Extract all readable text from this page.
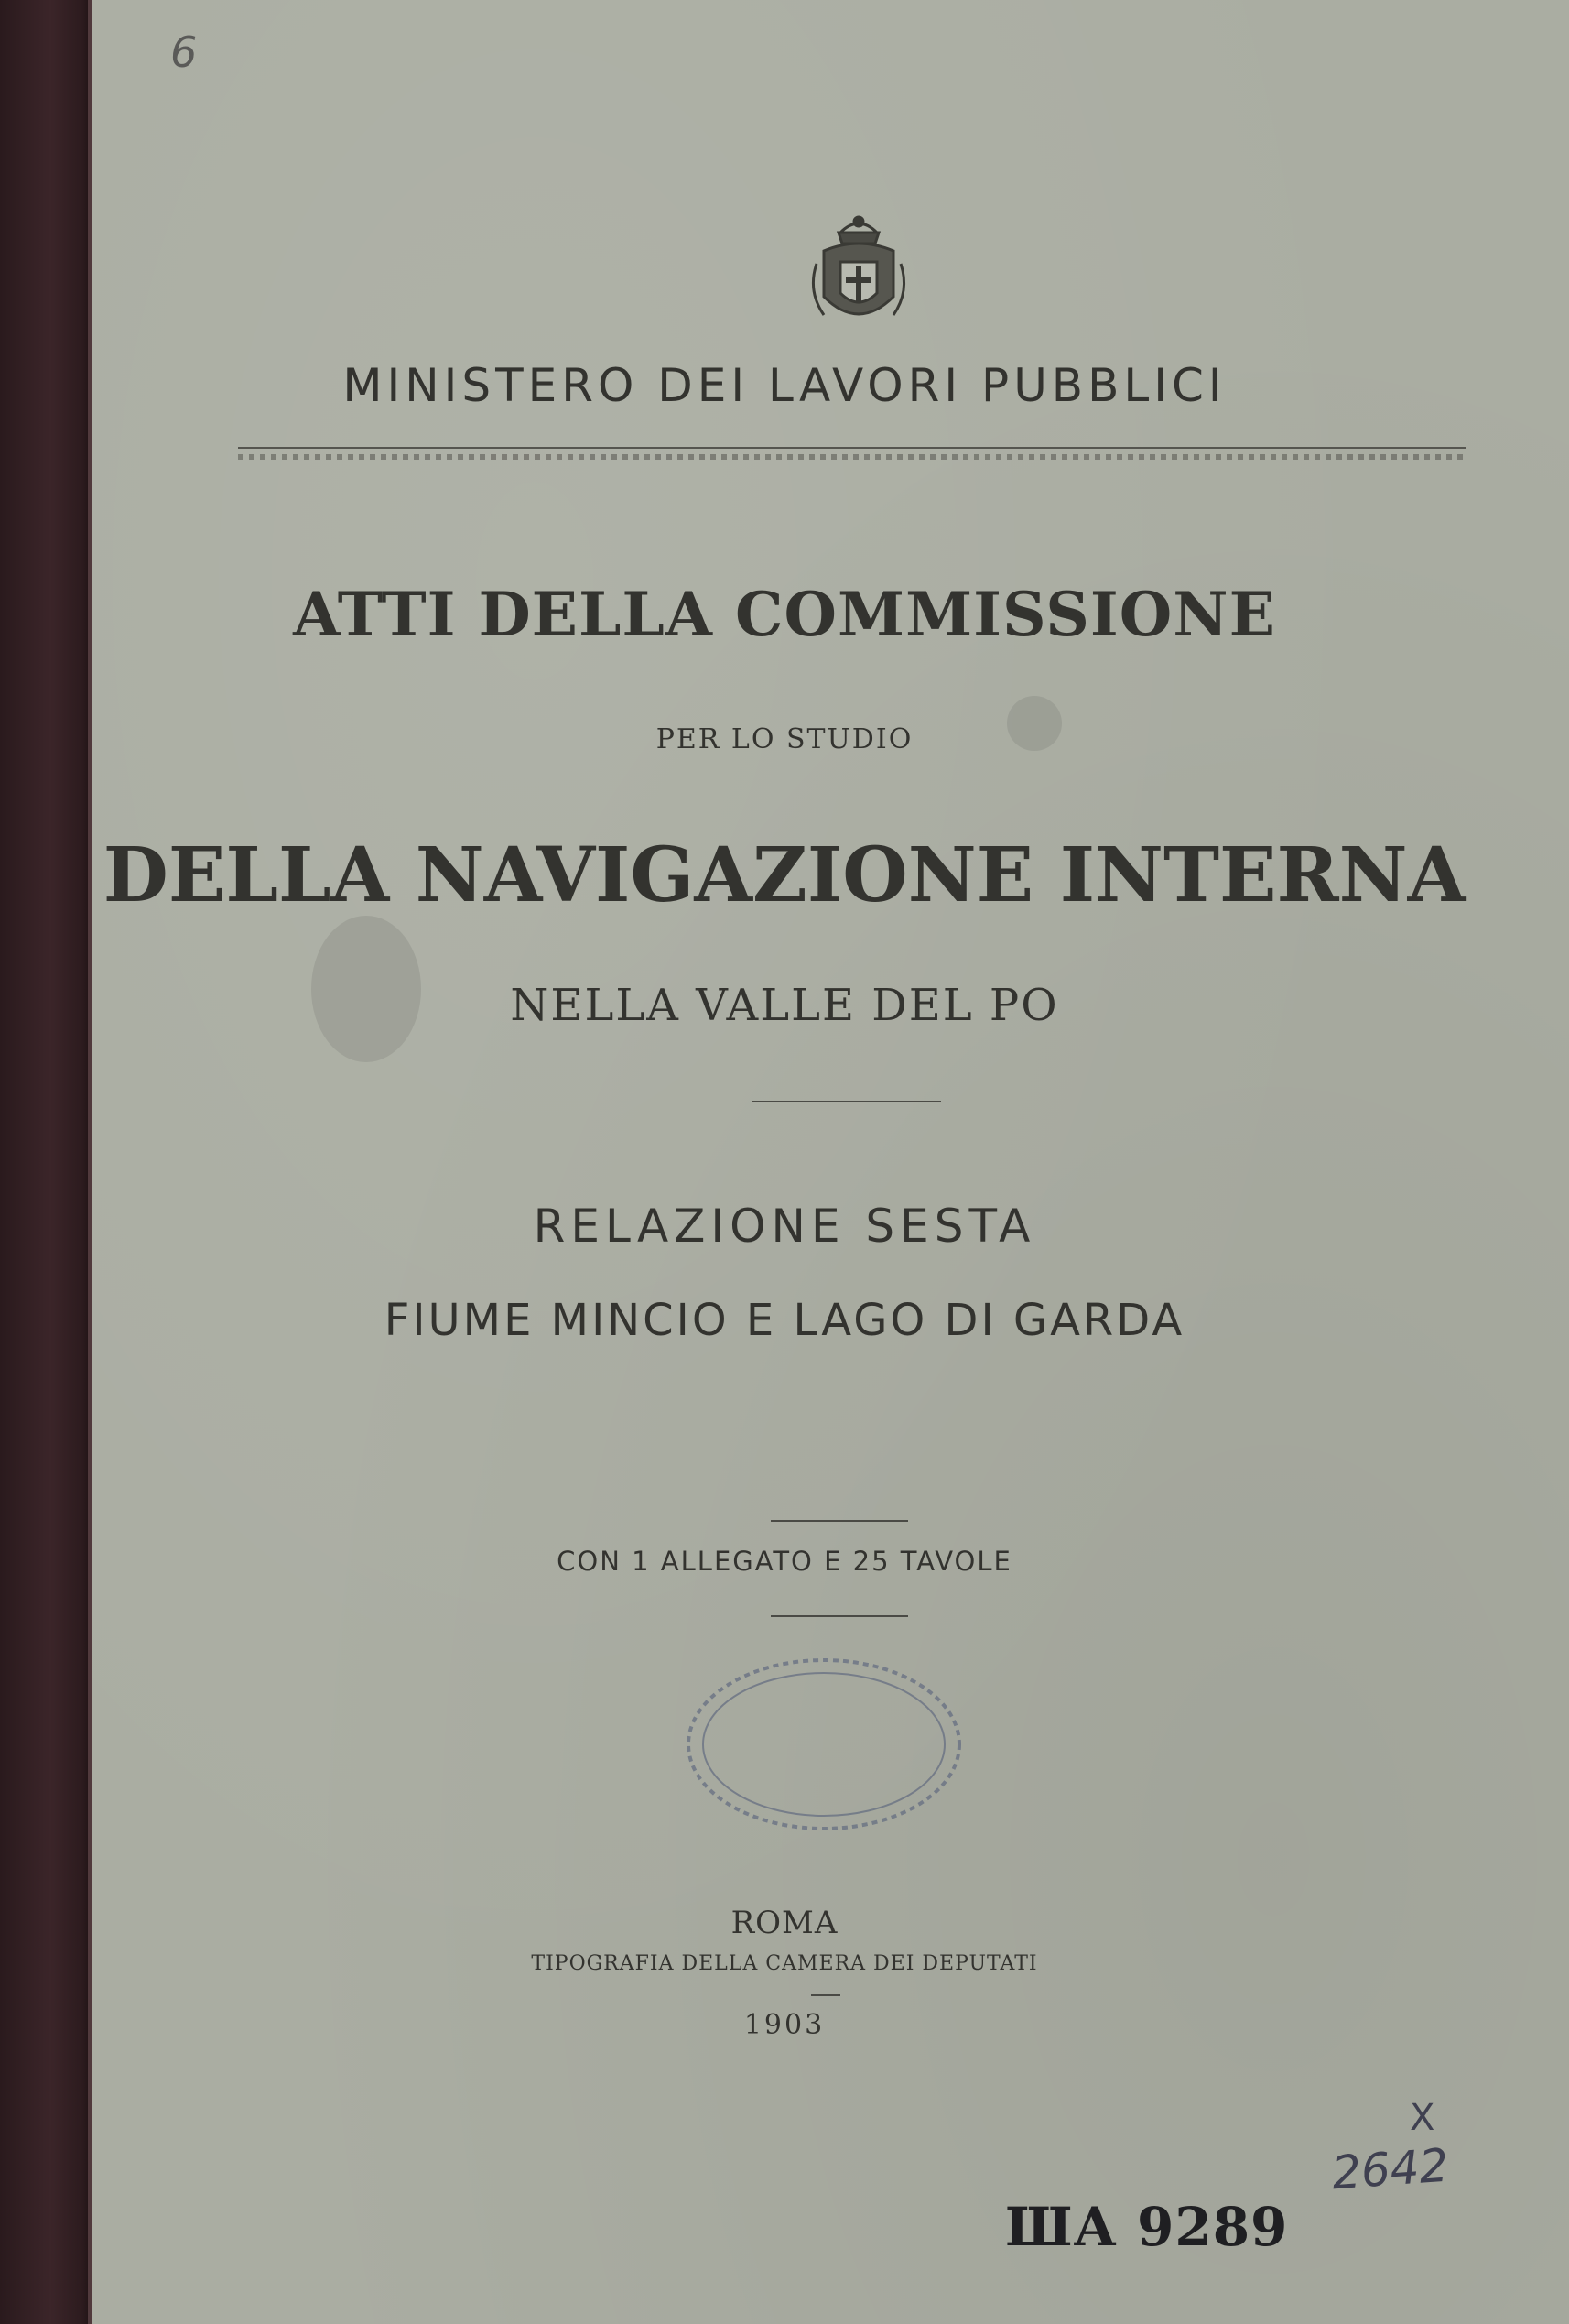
6
MINISTERO DEI LAVORI PUBBLICI
ATTI DELLA COMMISSIONE
PER LO STUDIO
DELLA NAVIGAZIONE INTERNA
NELLA VALLE DEL PO
RELAZIONE SESTA
FIUME MINCIO E LAGO DI GARDA
CON 1 ALLEGATO E 25 TAVOLE
ROMA
TIPOGRAFIA DELLA CAMERA DEI DEPUTATI
1903
X
2642
ША 9289
